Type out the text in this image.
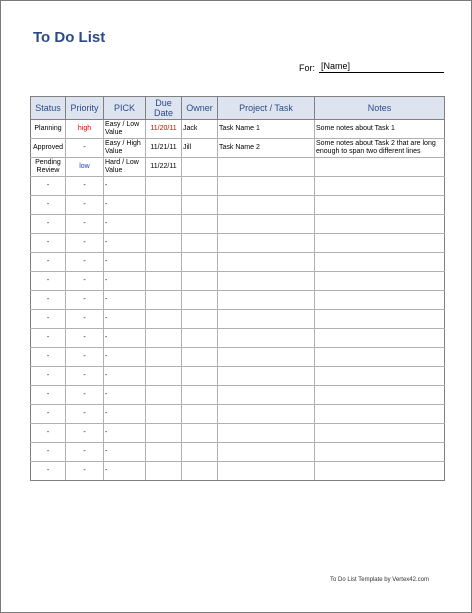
To Do List
For: [Name]
Status	Priority	PICK	Due Date	Owner	Project / Task	Notes
Planning	high	Easy / Low Value	11/20/11	Jack	Task Name 1	Some notes about Task 1
Approved	-	Easy / High Value	11/21/11	Jill	Task Name 2	Some notes about Task 2 that are long enough to span two different lines
Pending Review	low	Hard / Low Value	11/22/11			
-	-	-				
-	-	-				
-	-	-				
-	-	-				
-	-	-				
-	-	-				
-	-	-				
-	-	-				
-	-	-				
-	-	-				
-	-	-				
-	-	-				
-	-	-				
-	-	-				
-	-	-				
-	-	-				
To Do List Template by Vertex42.com
